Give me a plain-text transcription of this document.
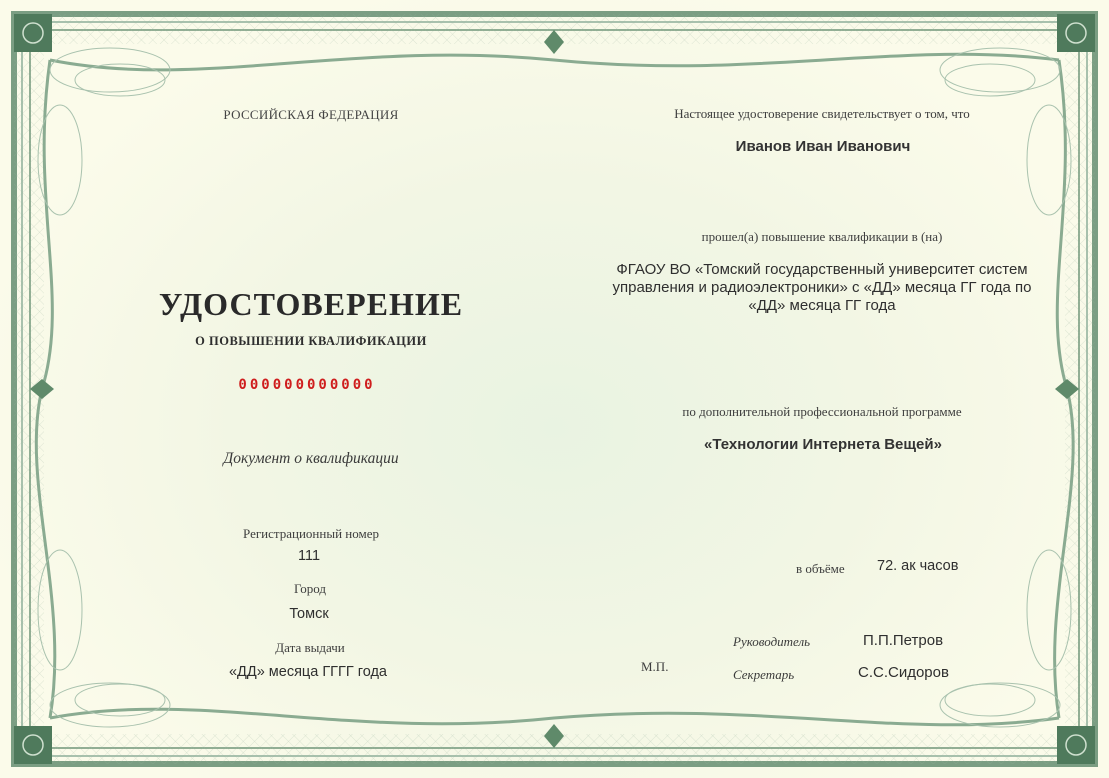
РОССИЙСКАЯ ФЕДЕРАЦИЯ
УДОСТОВЕРЕНИЕ
О ПОВЫШЕНИИ КВАЛИФИКАЦИИ
000000000000
Документ о квалификации
Регистрационный номер
111
Город
Томск
Дата выдачи
«ДД» месяца ГГГГ года
Настоящее удостоверение свидетельствует о том, что
Иванов Иван Иванович
прошел(а) повышение квалификации в (на)
ФГАОУ ВО «Томский государственный университет систем управления и радиоэлектроники» с «ДД» месяца ГГ года по «ДД» месяца ГГ года
по дополнительной профессиональной программе
«Технологии Интернета Вещей»
в объёме 72. ак часов
Руководитель	П.П.Петров
М.П.
Секретарь	С.С.Сидоров
